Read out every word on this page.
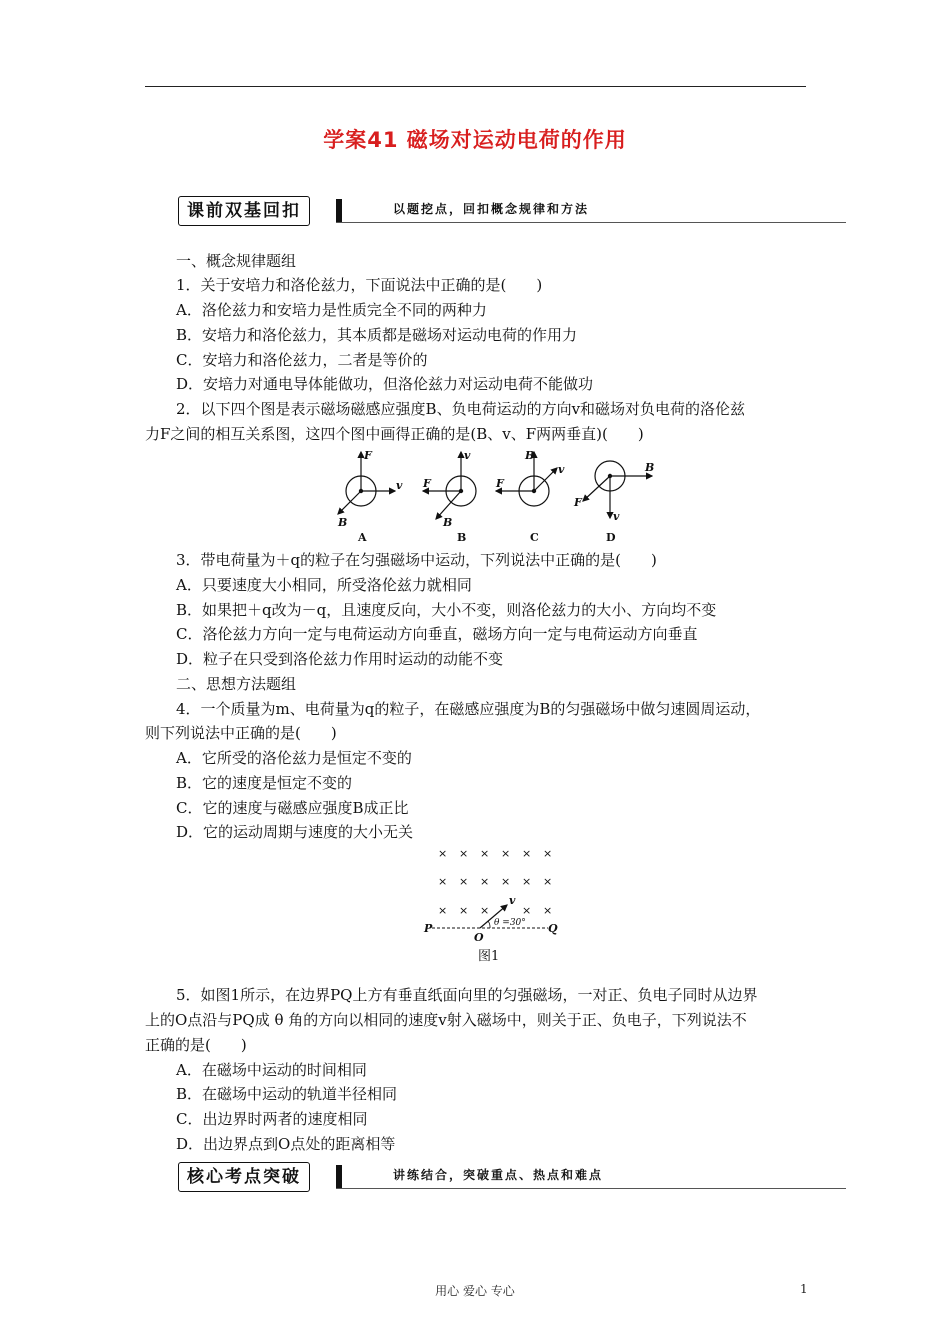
学案41 磁场对运动电荷的作用
课前双基回扣	以题挖点，回扣概念规律和方法
一、概念规律题组
1．关于安培力和洛伦兹力，下面说法中正确的是(　　)
A．洛伦兹力和安培力是性质完全不同的两种力
B．安培力和洛伦兹力，其本质都是磁场对运动电荷的作用力
C．安培力和洛伦兹力，二者是等价的
D．安培力对通电导体能做功，但洛伦兹力对运动电荷不能做功
2．以下四个图是表示磁场磁感应强度B、负电荷运动的方向v和磁场对负电荷的洛伦兹
力F之间的相互关系图，这四个图中画得正确的是(B、v、F两两垂直)(　　)
F
v
B
v
F
B
B
F
v	B
v
F
A	B	C	D
3．带电荷量为＋q的粒子在匀强磁场中运动，下列说法中正确的是(　　)
A．只要速度大小相同，所受洛伦兹力就相同
B．如果把＋q改为－q，且速度反向，大小不变，则洛伦兹力的大小、方向均不变
C．洛伦兹力方向一定与电荷运动方向垂直，磁场方向一定与电荷运动方向垂直
D．粒子在只受到洛伦兹力作用时运动的动能不变
二、思想方法题组
4．一个质量为m、电荷量为q的粒子，在磁感应强度为B的匀强磁场中做匀速圆周运动，
则下列说法中正确的是(　　)
A．它所受的洛伦兹力是恒定不变的
B．它的速度是恒定不变的
C．它的速度与磁感应强度B成正比
D．它的运动周期与速度的大小无关
× × × × × ×
× × × × × ×
× × ×	× ×
P
O
Q
v
θ =30°
图1
5．如图1所示，在边界PQ上方有垂直纸面向里的匀强磁场，一对正、负电子同时从边界
上的O点沿与PQ成 θ 角的方向以相同的速度v射入磁场中，则关于正、负电子，下列说法不
正确的是(　　)
A．在磁场中运动的时间相同
B．在磁场中运动的轨道半径相同
C．出边界时两者的速度相同
D．出边界点到O点处的距离相等
核心考点突破	讲练结合，突破重点、热点和难点
用心 爱心 专心	1
